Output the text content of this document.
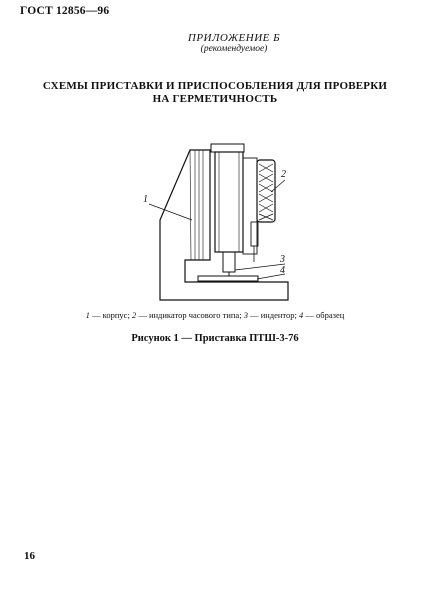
ГОСТ 12856—96
ПРИЛОЖЕНИЕ Б
(рекомендуемое)
СХЕМЫ ПРИСТАВКИ И ПРИСПОСОБЛЕНИЯ ДЛЯ ПРОВЕРКИ
НА ГЕРМЕТИЧНОСТЬ
1
2
3
4
1 — корпус; 2 — индикатор часового типа; 3 — индентор; 4 — образец
Рисунок 1 — Приставка ПТШ-3-76
16
